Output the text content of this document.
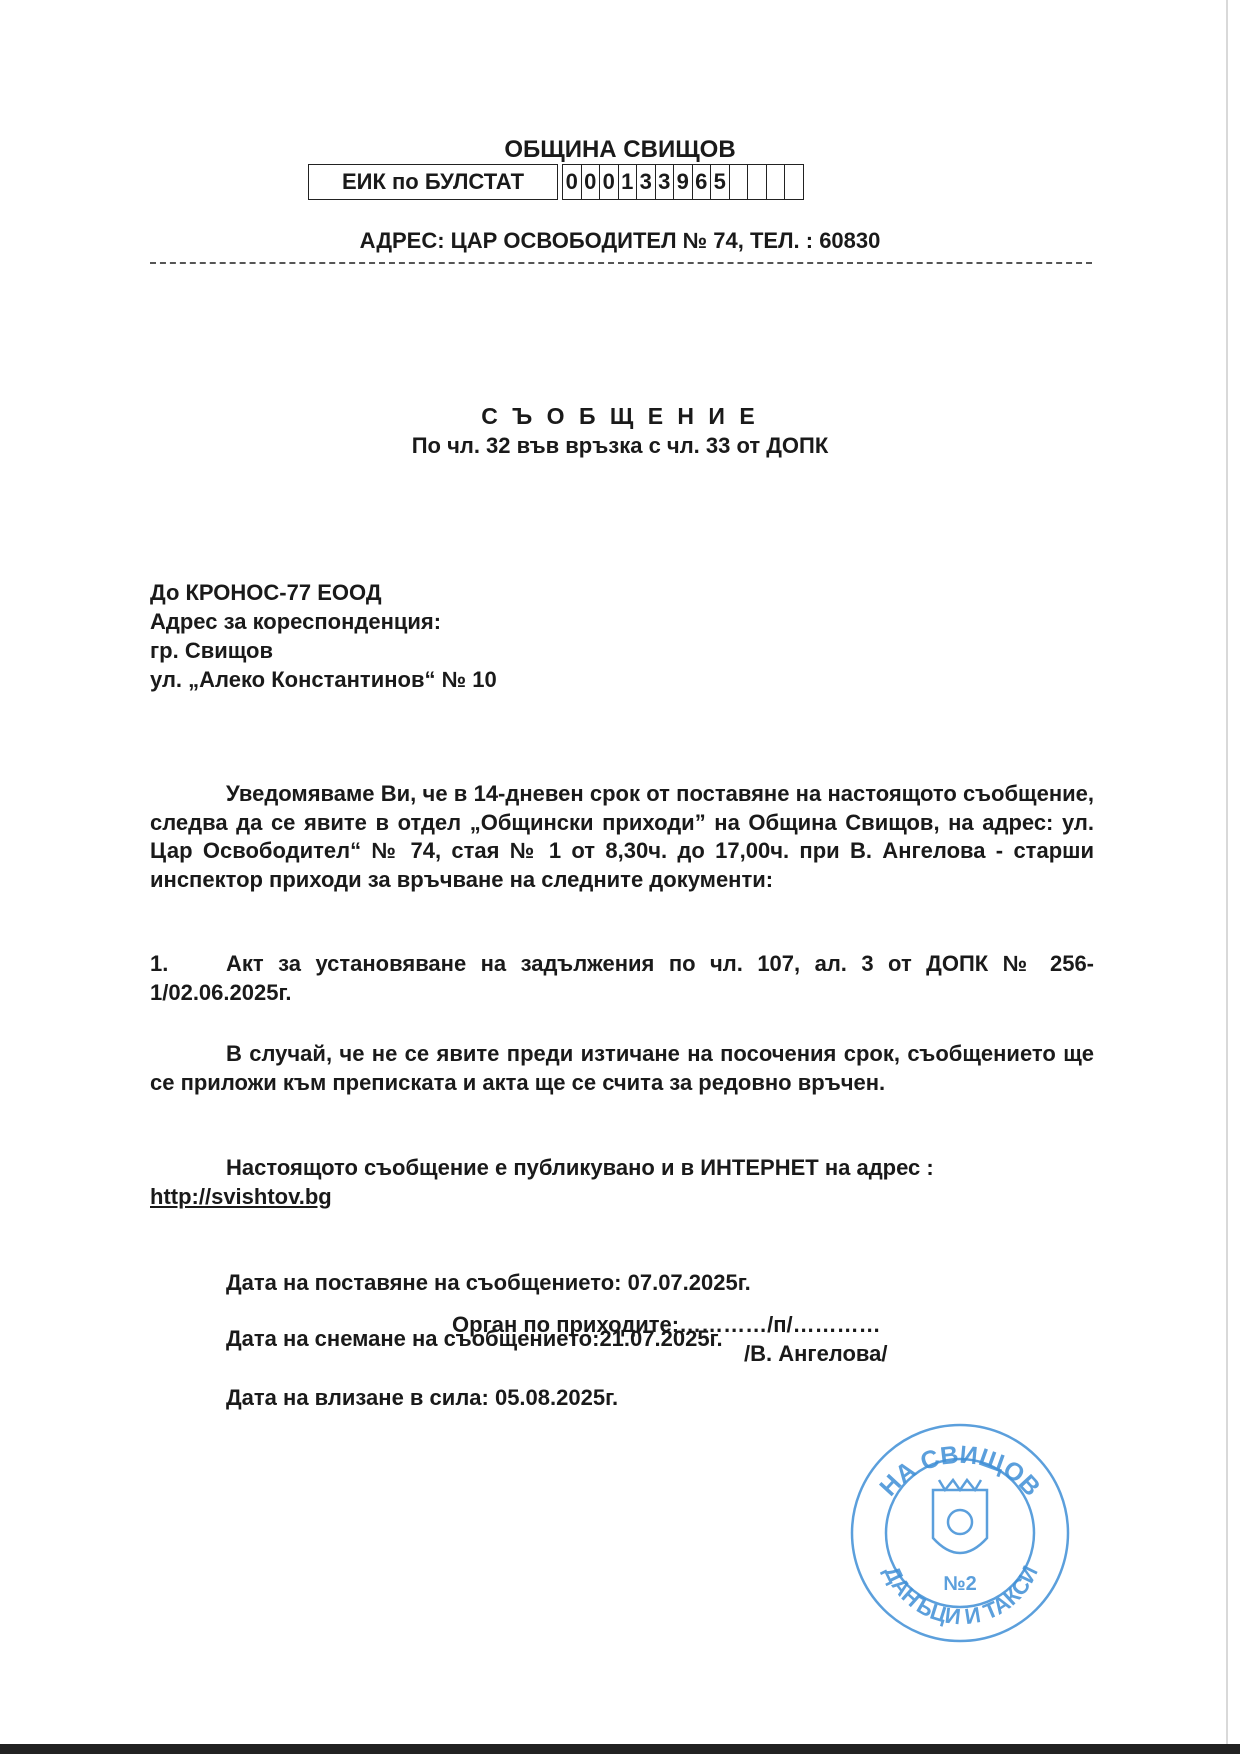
ОБЩИНА СВИЩОВ
ЕИК по БУЛСТАТ		0	0	0	1	3	3	9	6	5				
АДРЕС: ЦАР ОСВОБОДИТЕЛ № 74, ТЕЛ. : 60830
С Ъ О Б Щ Е Н И Е
По чл. 32 във връзка с чл. 33 от ДОПК
До КРОНОС-77 ЕООД
Адрес за кореспонденция:
гр. Свищов
ул. „Алеко Константинов“ № 10
Уведомяваме Ви, че в 14-дневен срок от поставяне на настоящото съобщение, следва да се явите в отдел „Общински приходи” на Община Свищов, на адрес: ул. Цар Освободител“ № 74, стая № 1 от 8,30ч. до 17,00ч. при В. Ангелова - старши инспектор приходи за връчване на следните документи:
1.	Акт за установяване на задължения по чл. 107, ал. 3 от ДОПК № 256-1/02.06.2025г.
В случай, че не се явите преди изтичане на посочения срок, съобщението ще се приложи към преписката и акта ще се счита за редовно връчен.
Настоящото съобщение е публикувано и в ИНТЕРНЕТ на адрес :
http://svishtov.bg
Дата на поставяне на съобщението: 07.07.2025г.
Дата на снемане на съобщението:21.07.2025г.
Дата на влизане в сила: 05.08.2025г.
Орган по приходите:…………/п/…………
/В. Ангелова/
НА СВИЩОВ
ДАНЪЦИ И ТАКСИ
№2
